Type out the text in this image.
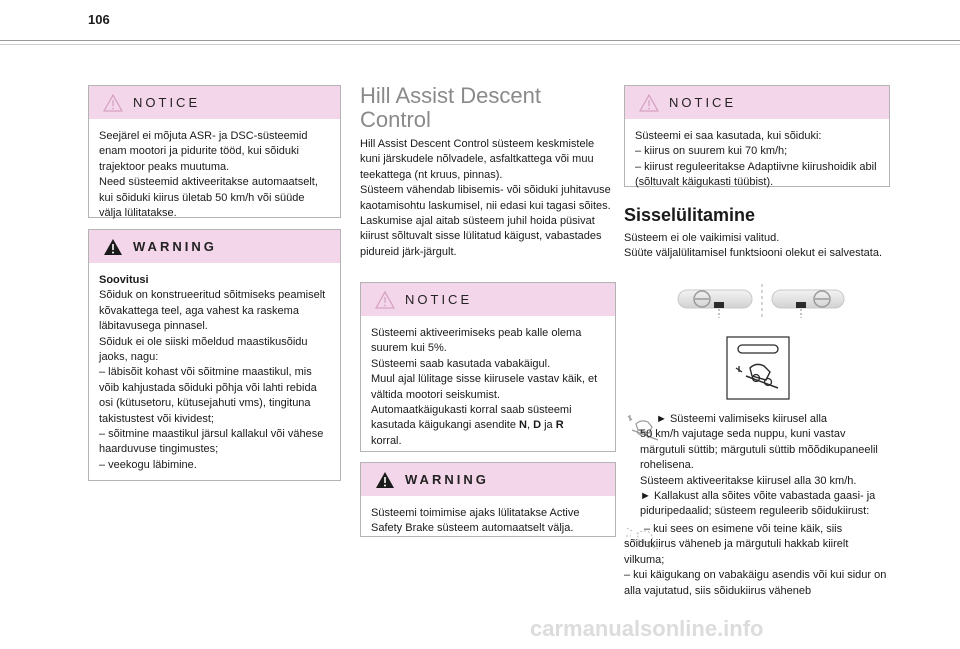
106
NOTICE
Seejärel ei mõjuta ASR- ja DSC-süsteemid enam mootori ja pidurite tööd, kui sõiduki trajektoor peaks muutuma.
Need süsteemid aktiveeritakse automaatselt, kui sõiduki kiirus ületab 50 km/h või süüde välja lülitatakse.
WARNING

Soovitusi

Sõiduk on konstrueeritud sõitmiseks peamiselt kõvakattega teel, aga vahest ka raskema läbitavusega pinnasel.
Sõiduk ei ole siiski mõeldud maastikusõidu jaoks, nagu:
– läbisõit kohast või sõitmine maastikul, mis võib kahjustada sõiduki põhja või lahti rebida osi (kütusetoru, kütusejahuti vms), tingituna takistustest või kividest;
– sõitmine maastikul järsul kallakul või vähese haarduvuse tingimustes;
– veekogu läbimine.

Hill Assist Descent
Control
Hill Assist Descent Control süsteem keskmistele kuni järskudele nõlvadele, asfaltkattega või muu teekattega (nt kruus, pinnas).
Süsteem vähendab libisemis- või sõiduki juhitavuse kaotamisohtu laskumisel, nii edasi kui tagasi sõites.
Laskumise ajal aitab süsteem juhil hoida püsivat kiirust sõltuvalt sisse lülitatud käigust, vabastades pidureid järk-järgult.
NOTICE
Süsteemi aktiveerimiseks peab kalle olema suurem kui 5%.
Süsteemi saab kasutada vabakäigul.
Muul ajal lülitage sisse kiirusele vastav käik, et vältida mootori seiskumist.
Automaatkäigukasti korral saab süsteemi kasutada käigukangi asendite N, D ja R
korral.
WARNING
Süsteemi toimimise ajaks lülitatakse Active Safety Brake süsteem automaatselt välja.
NOTICE
Süsteemi ei saa kasutada, kui sõiduki:
– kiirus on suurem kui 70 km/h;
– kiirust reguleeritakse Adaptiivne kiirushoidik abil (sõltuvalt käigukasti tüübist).
Sisselülitamine
Süsteem ei ole vaikimisi valitud.
Süüte väljalülitamisel funktsiooni olekut ei salvestata.
► Süsteemi valimiseks kiirusel alla
50 km/h vajutage seda nuppu, kuni vastav märgutuli süttib; märgutuli süttib mõõdikupaneelil rohelisena.
Süsteem aktiveeritakse kiirusel alla 30 km/h.
► Kallakust alla sõites võite vabastada gaasi- ja piduripedaalid; süsteem reguleerib sõidukiirust:
– kui sees on esimene või teine käik, siis sõidukiirus väheneb ja märgutuli hakkab kiirelt vilkuma;
– kui käigukang on vabakäigu asendis või kui sidur on alla vajutatud, siis sõidukiirus väheneb
carmanualsonline.info
